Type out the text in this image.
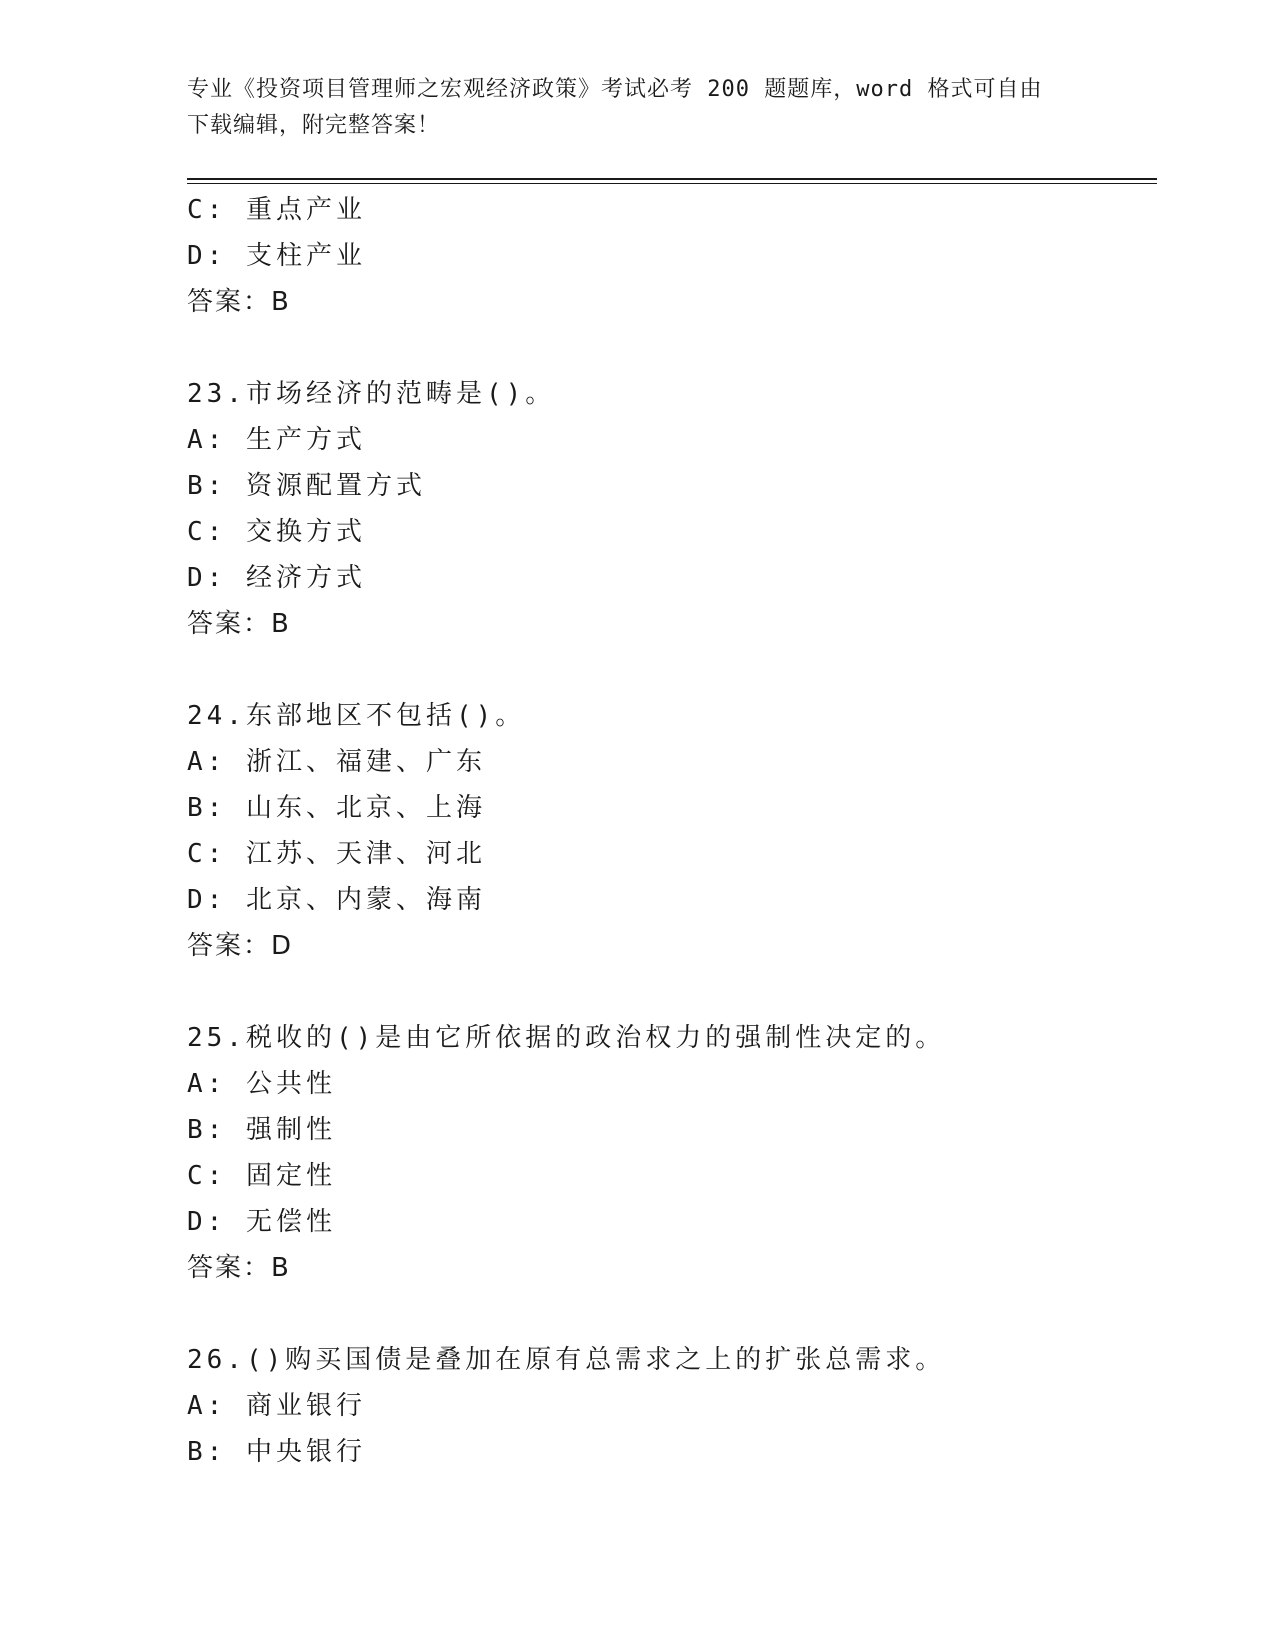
专业《投资项目管理师之宏观经济政策》考试必考 200 题题库，word 格式可自由
下载编辑，附完整答案！
C: 重点产业
D: 支柱产业
答案：B
23.市场经济的范畴是()。
A: 生产方式
B: 资源配置方式
C: 交换方式
D: 经济方式
答案：B
24.东部地区不包括()。
A: 浙江、福建、广东
B: 山东、北京、上海
C: 江苏、天津、河北
D: 北京、内蒙、海南
答案：D
25.税收的()是由它所依据的政治权力的强制性决定的。
A: 公共性
B: 强制性
C: 固定性
D: 无偿性
答案：B
26.()购买国债是叠加在原有总需求之上的扩张总需求。
A: 商业银行
B: 中央银行
